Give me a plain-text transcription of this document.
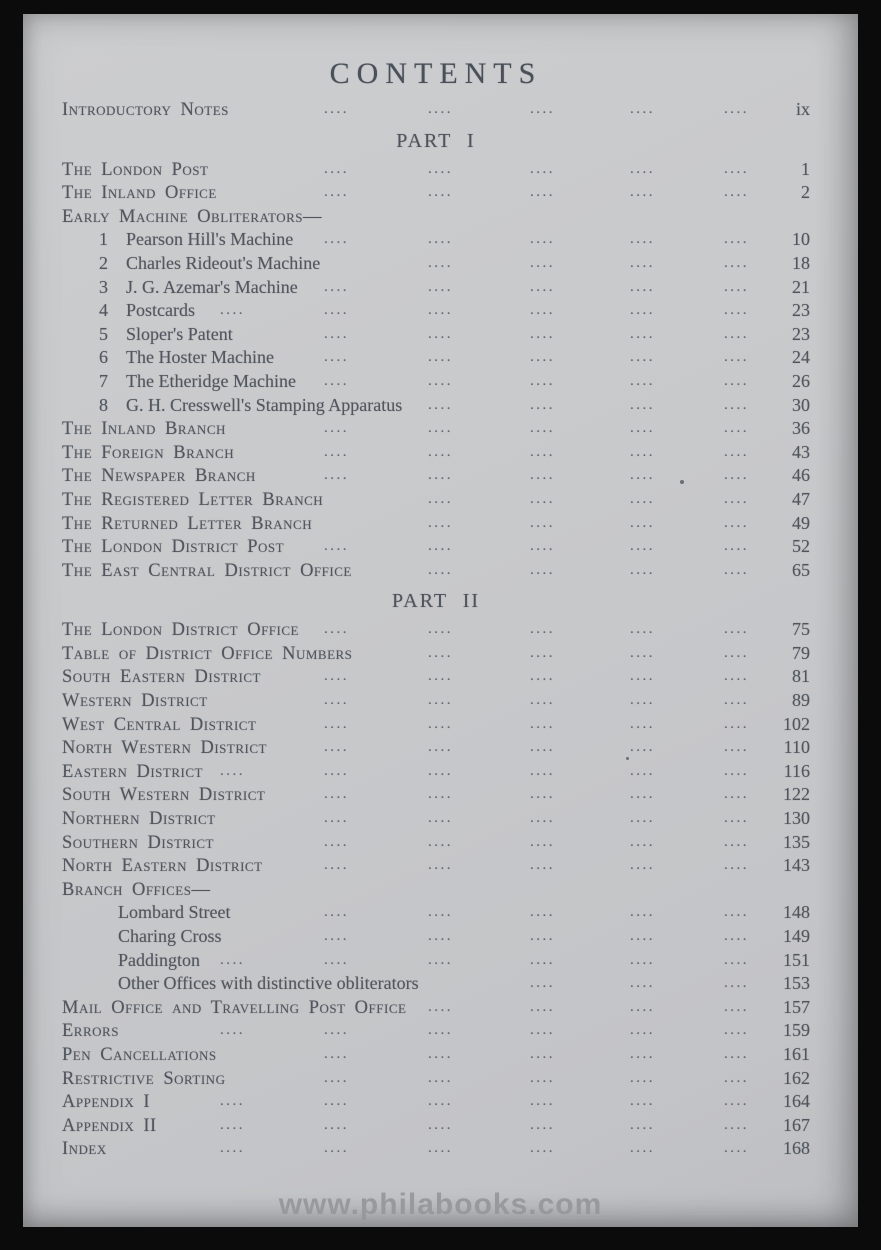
CONTENTS
Introductory Notes	ix
....	....	....	....	....
PART I
The London Post	1
....	....	....	....	....
The Inland Office	2
....	....	....	....	....
Early Machine Obliterators—
1 Pearson Hill's Machine	10
....	....	....	....	....
2 Charles Rideout's Machine	18
....	....	....	....
3 J. G. Azemar's Machine	21
....	....	....	....	....
4 Postcards	23
....	....	....	....	....	....
5 Sloper's Patent	23
....	....	....	....	....
6 The Hoster Machine	24
....	....	....	....	....
7 The Etheridge Machine	26
....	....	....	....	....
8 G. H. Cresswell's Stamping Apparatus	30
....	....	....	....
The Inland Branch	36
....	....	....	....	....
The Foreign Branch	43
....	....	....	....	....
The Newspaper Branch	46
....	....	....	....	....
The Registered Letter Branch	47
....	....	....	....
The Returned Letter Branch	49
....	....	....	....
The London District Post	52
....	....	....	....	....
The East Central District Office	65
....	....	....	....
PART II
The London District Office	75
....	....	....	....	....
Table of District Office Numbers	79
....	....	....	....
South Eastern District	81
....	....	....	....	....
Western District	89
....	....	....	....	....
West Central District	102
....	....	....	....	....
North Western District	110
....	....	....	....	....
Eastern District	116
....	....	....	....	....	....
South Western District	122
....	....	....	....	....
Northern District	130
....	....	....	....	....
Southern District	135
....	....	....	....	....
North Eastern District	143
....	....	....	....	....
Branch Offices—
Lombard Street	148
....	....	....	....	....
Charing Cross	149
....	....	....	....	....
Paddington	151
....	....	....	....	....	....
Other Offices with distinctive obliterators	153
....	....	....
Mail Office and Travelling Post Office	157
....	....	....	....
Errors	159
....	....	....	....	....	....
Pen Cancellations	161
....	....	....	....	....
Restrictive Sorting	162
....	....	....	....	....
Appendix I	164
....	....	....	....	....	....
Appendix II	167
....	....	....	....	....	....
Index	168
....	....	....	....	....	....
www.philabooks.com
